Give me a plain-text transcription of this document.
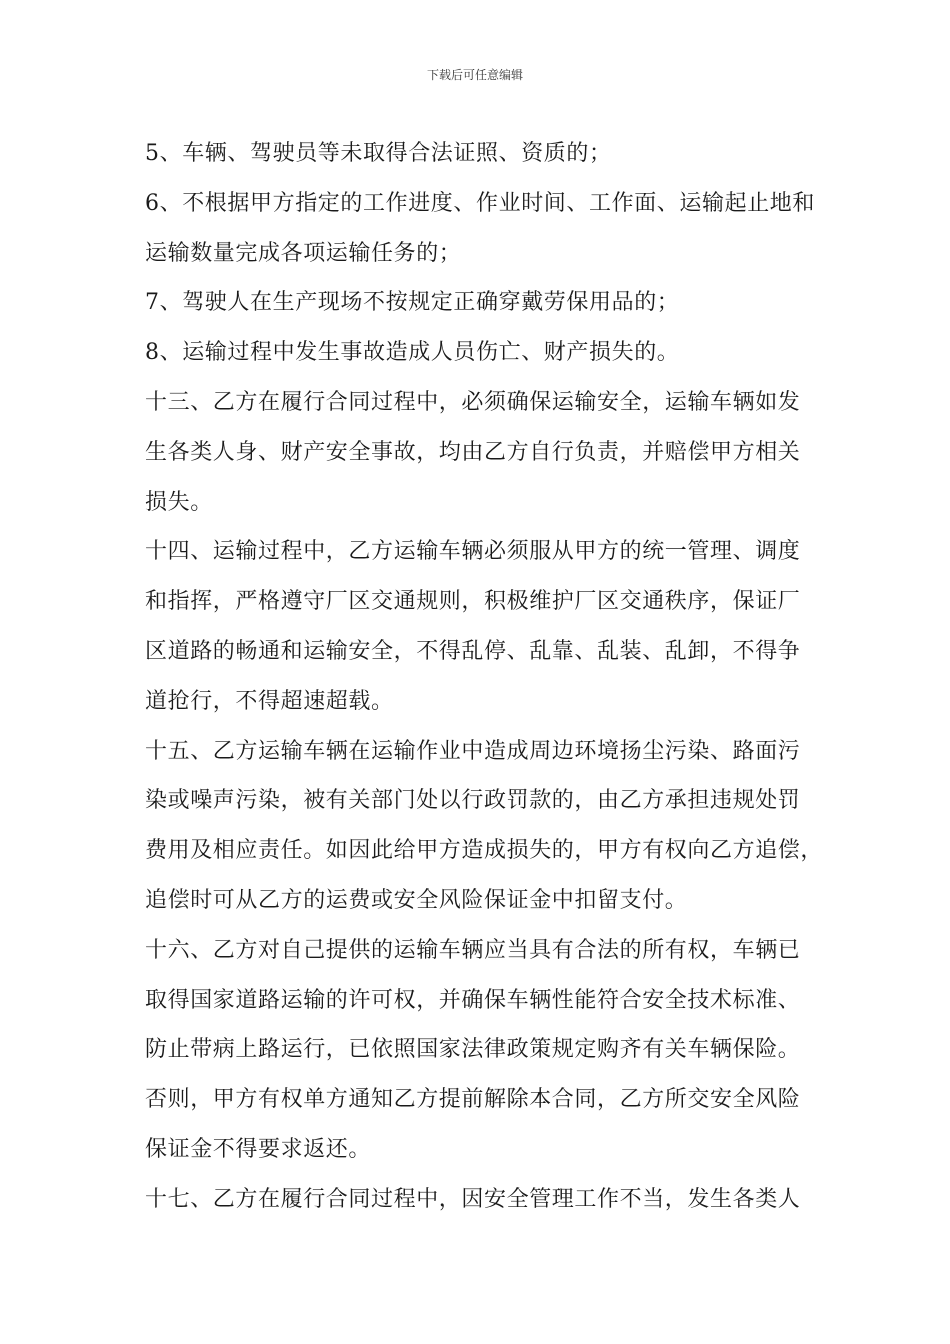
下载后可任意编辑
5、车辆、驾驶员等未取得合法证照、资质的；
6、不根据甲方指定的工作进度、作业时间、工作面、运输起止地和
运输数量完成各项运输任务的；
7、驾驶人在生产现场不按规定正确穿戴劳保用品的；
8、运输过程中发生事故造成人员伤亡、财产损失的。
十三、乙方在履行合同过程中，必须确保运输安全，运输车辆如发
生各类人身、财产安全事故，均由乙方自行负责，并赔偿甲方相关
损失。
十四、运输过程中，乙方运输车辆必须服从甲方的统一管理、调度
和指挥，严格遵守厂区交通规则，积极维护厂区交通秩序，保证厂
区道路的畅通和运输安全，不得乱停、乱靠、乱装、乱卸，不得争
道抢行，不得超速超载。
十五、乙方运输车辆在运输作业中造成周边环境扬尘污染、路面污
染或噪声污染，被有关部门处以行政罚款的，由乙方承担违规处罚
费用及相应责任。如因此给甲方造成损失的，甲方有权向乙方追偿，
追偿时可从乙方的运费或安全风险保证金中扣留支付。
十六、乙方对自己提供的运输车辆应当具有合法的所有权，车辆已
取得国家道路运输的许可权，并确保车辆性能符合安全技术标准、
防止带病上路运行，已依照国家法律政策规定购齐有关车辆保险。
否则，甲方有权单方通知乙方提前解除本合同，乙方所交安全风险
保证金不得要求返还。
十七、乙方在履行合同过程中，因安全管理工作不当，发生各类人
